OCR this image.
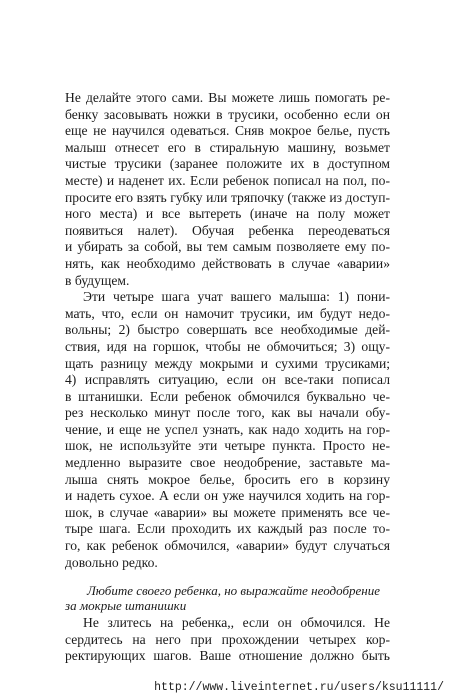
Не делайте этого сами. Вы можете лишь помогать ре-
бенку засовывать ножки в трусики, особенно если он
еще не научился одеваться. Сняв мокрое белье, пусть
малыш отнесет его в стиральную машину, возьмет
чистые трусики (заранее положите их в доступном
месте) и наденет их. Если ребенок пописал на пол, по-
просите его взять губку или тряпочку (также из доступ-
ного места) и все вытереть (иначе на полу может
появиться налет). Обучая ребенка переодеваться
и убирать за собой, вы тем самым позволяете ему по-
нять, как необходимо действовать в случае «аварии»
в будущем.
Эти четыре шага учат вашего малыша: 1) пони-
мать, что, если он намочит трусики, им будут недо-
вольны; 2) быстро совершать все необходимые дей-
ствия, идя на горшок, чтобы не обмочиться; 3) ощу-
щать разницу между мокрыми и сухими трусиками;
4) исправлять ситуацию, если он все-таки пописал
в штанишки. Если ребенок обмочился буквально че-
рез несколько минут после того, как вы начали обу-
чение, и еще не успел узнать, как надо ходить на гор-
шок, не используйте эти четыре пункта. Просто не-
медленно выразите свое неодобрение, заставьте ма-
лыша снять мокрое белье, бросить его в корзину
и надеть сухое. А если он уже научился ходить на гор-
шок, в случае «аварии» вы можете применять все че-
тыре шага. Если проходить их каждый раз после то-
го, как ребенок обмочился, «аварии» будут случаться
довольно редко.
Любите своего ребенка, но выражайте неодобрение
за мокрые штанишки
Не злитесь на ребенка,, если он обмочился. Не
сердитесь на него при прохождении четырех кор-
ректирующих шагов. Ваше отношение должно быть
http://www.liveinternet.ru/users/ksu11111/
